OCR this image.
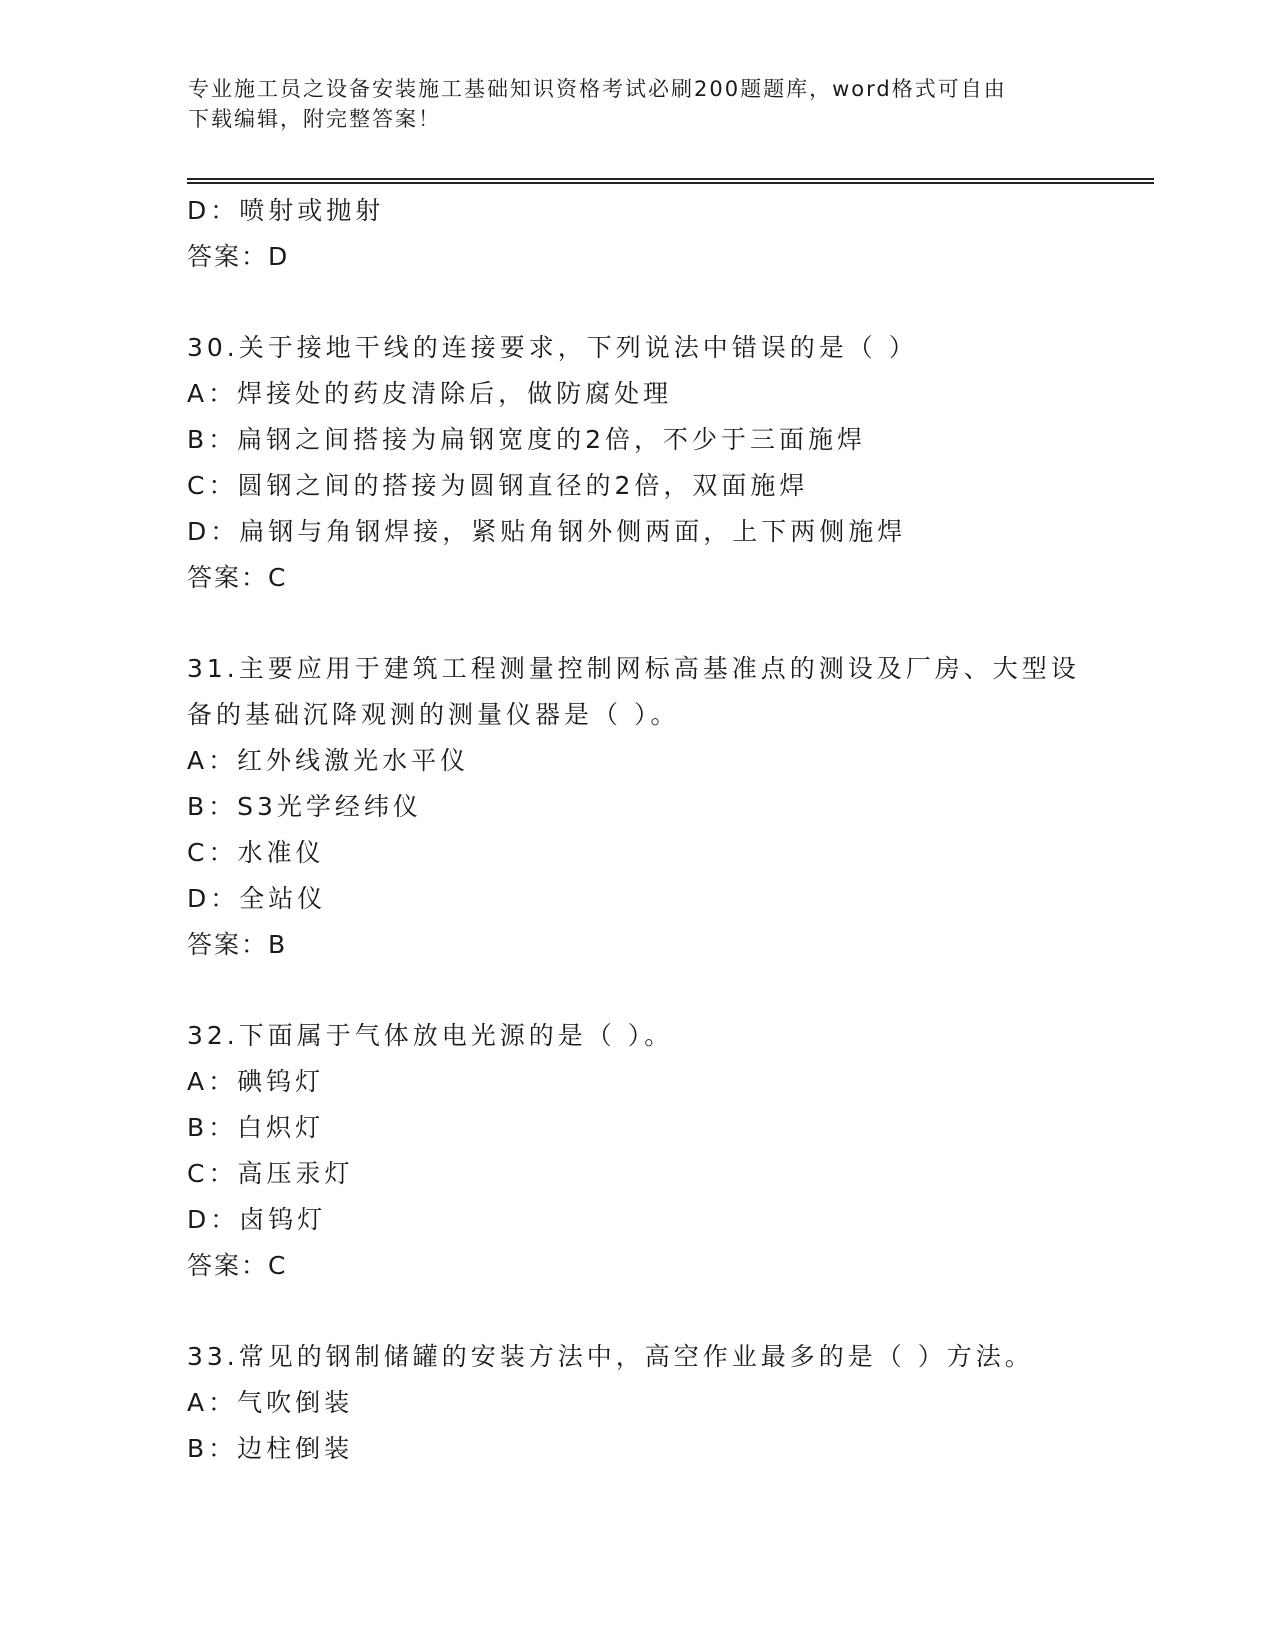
专业施工员之设备安装施工基础知识资格考试必刷200题题库，word格式可自由
下载编辑，附完整答案！
D：喷射或抛射
答案：D
30.关于接地干线的连接要求，下列说法中错误的是（ ）
A：焊接处的药皮清除后，做防腐处理
B：扁钢之间搭接为扁钢宽度的2倍，不少于三面施焊
C：圆钢之间的搭接为圆钢直径的2倍，双面施焊
D：扁钢与角钢焊接，紧贴角钢外侧两面，上下两侧施焊
答案：C
31.主要应用于建筑工程测量控制网标高基准点的测设及厂房、大型设
备的基础沉降观测的测量仪器是（ ）。
A：红外线激光水平仪
B：S3光学经纬仪
C：水准仪
D：全站仪
答案：B
32.下面属于气体放电光源的是（ ）。
A：碘钨灯
B：白炽灯
C：高压汞灯
D：卤钨灯
答案：C
33.常见的钢制储罐的安装方法中，高空作业最多的是（ ）方法。
A：气吹倒装
B：边柱倒装
